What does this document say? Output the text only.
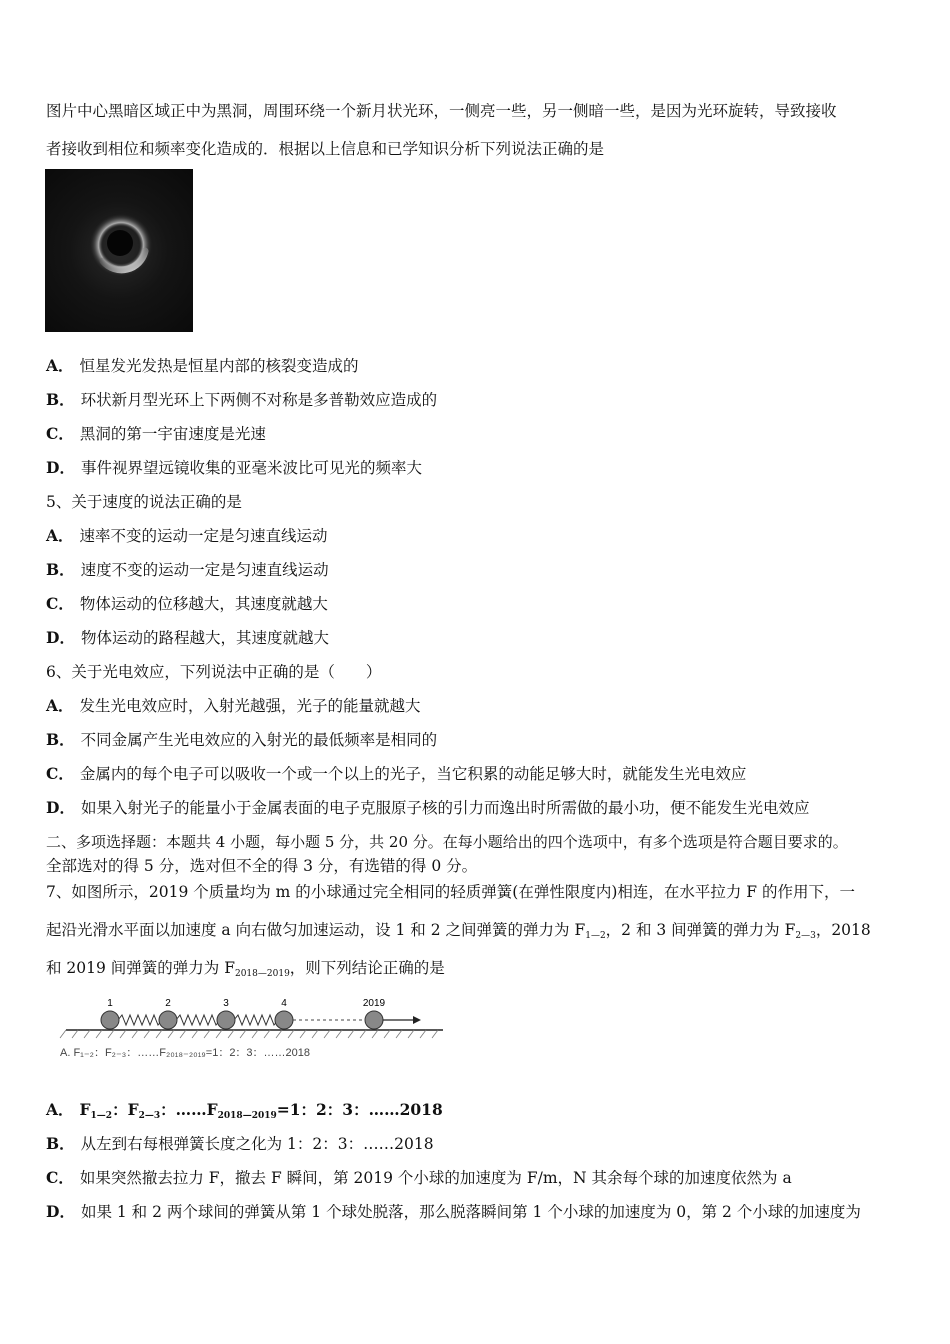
图片中心黑暗区域正中为黑洞，周围环绕一个新月状光环，一侧亮一些，另一侧暗一些，是因为光环旋转，导致接收
者接收到相位和频率变化造成的．根据以上信息和已学知识分析下列说法正确的是
A． 恒星发光发热是恒星内部的核裂变造成的
B． 环状新月型光环上下两侧不对称是多普勒效应造成的
C． 黑洞的第一宇宙速度是光速
D． 事件视界望远镜收集的亚毫米波比可见光的频率大
5、关于速度的说法正确的是
A． 速率不变的运动一定是匀速直线运动
B． 速度不变的运动一定是匀速直线运动
C． 物体运动的位移越大，其速度就越大
D． 物体运动的路程越大，其速度就越大
6、关于光电效应，下列说法中正确的是（　　）
A． 发生光电效应时，入射光越强，光子的能量就越大
B． 不同金属产生光电效应的入射光的最低频率是相同的
C． 金属内的每个电子可以吸收一个或一个以上的光子，当它积累的动能足够大时，就能发生光电效应
D． 如果入射光子的能量小于金属表面的电子克服原子核的引力而逸出时所需做的最小功，便不能发生光电效应
二、多项选择题：本题共 4 小题，每小题 5 分，共 20 分。在每小题给出的四个选项中，有多个选项是符合题目要求的。
全部选对的得 5 分，选对但不全的得 3 分，有选错的得 0 分。
7、如图所示，2019 个质量均为 m 的小球通过完全相同的轻质弹簧(在弹性限度内)相连，在水平拉力 F 的作用下，一
起沿光滑水平面以加速度 a 向右做匀加速运动，设 1 和 2 之间弹簧的弹力为 $F_{1—2}$，2 和 3 间弹簧的弹力为 $F_{2—3}$，2018
和 2019 间弹簧的弹力为 $F_{2018—2019}$，则下列结论正确的是
1	2	3	4	2019
A. F₁₋₂：F₂₋₃：……F₂₀₁₈₋₂₀₁₉=1：2：3：……2018
A． $F_{1—2}$：$F_{2—3}$：$\dots\dots F_{2018—2019}=1$：2：3：……2018
B． 从左到右每根弹簧长度之化为 1：2：3：……2018
C． 如果突然撤去拉力 F，撤去 F 瞬间，第 2019 个小球的加速度为 F/m，N 其余每个球的加速度依然为 a
D． 如果 1 和 2 两个球间的弹簧从第 1 个球处脱落，那么脱落瞬间第 1 个小球的加速度为 0，第 2 个小球的加速度为
